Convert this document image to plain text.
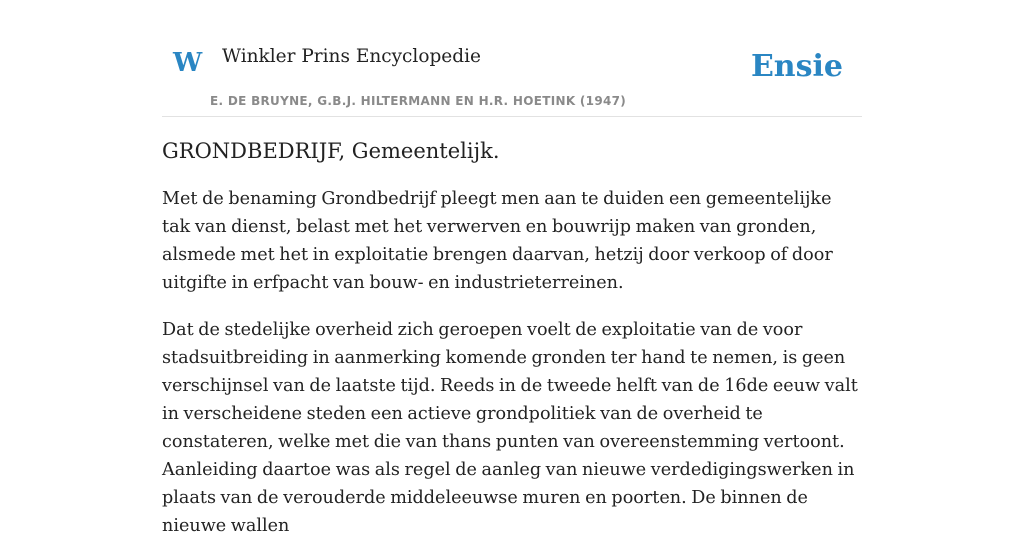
W Winkler Prins Encyclopedie
E. DE BRUYNE, G.B.J. HILTERMANN EN H.R. HOETINK (1947)
Ensie
GRONDBEDRIJF, Gemeentelijk.

Met de benaming Grondbedrijf pleegt men aan te duiden een gemeentelijke tak van dienst, belast met het verwerven en bouwrijp maken van gronden, alsmede met het in exploitatie brengen daarvan, hetzij door verkoop of door uitgifte in erfpacht van bouw- en industrieterreinen.

Dat de stedelijke overheid zich geroepen voelt de exploitatie van de voor stadsuitbreiding in aanmerking komende gronden ter hand te nemen, is geen verschijnsel van de laatste tijd. Reeds in de tweede helft van de 16de eeuw valt in verscheidene steden een actieve grondpolitiek van de overheid te constateren, welke met die van thans punten van overeenstemming vertoont. Aanleiding daartoe was als regel de aanleg van nieuwe verdedigingswerken in plaats van de verouderde middeleeuwse muren en poorten. De binnen de nieuwe wallen
